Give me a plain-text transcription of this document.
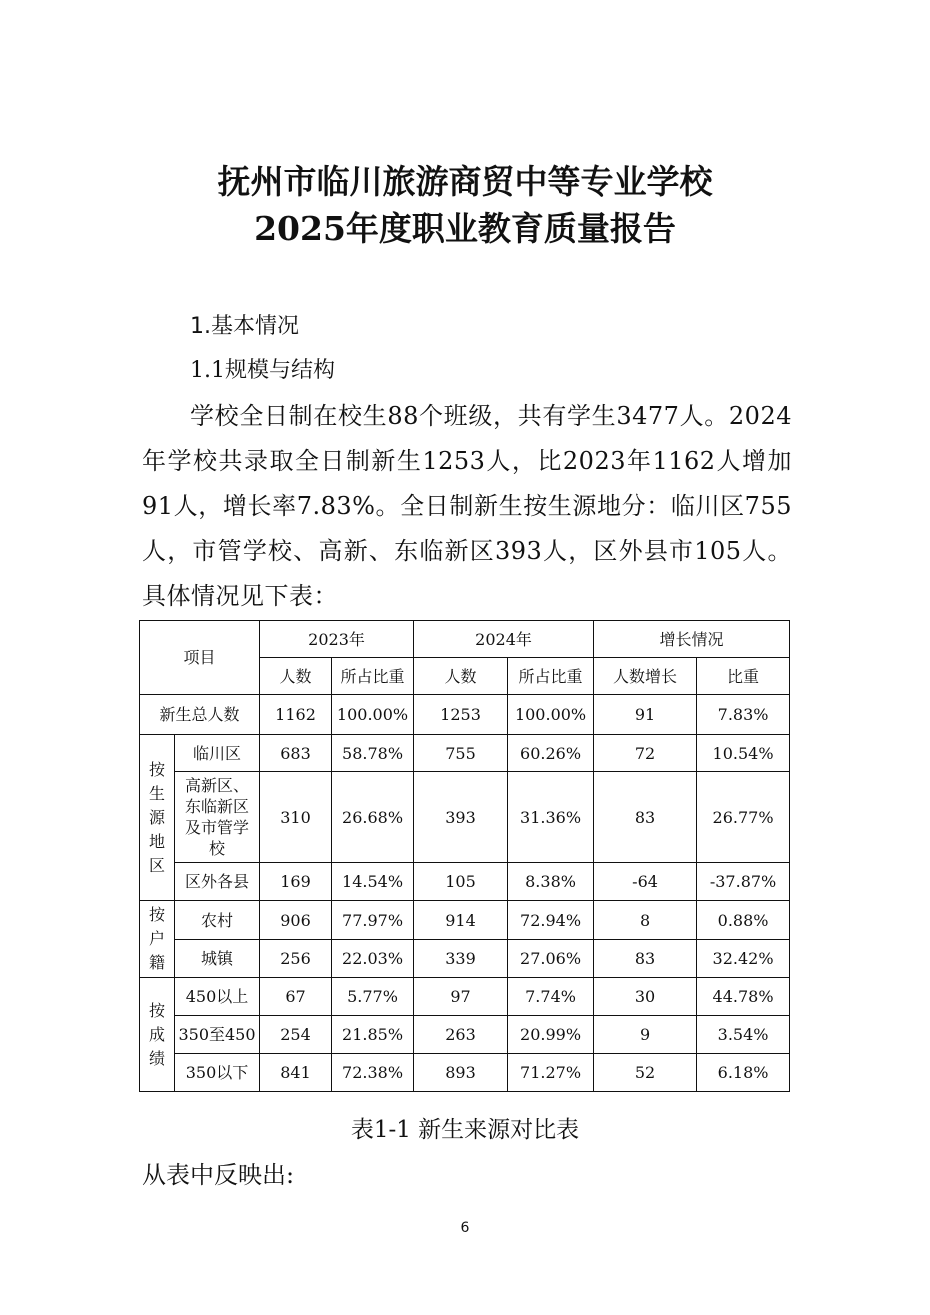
抚州市临川旅游商贸中等专业学校
2025年度职业教育质量报告
1.基本情况
1.1规模与结构
学校全日制在校生88个班级，共有学生3477人。2024年学校共录取全日制新生1253人，比2023年1162人增加91人，增长率7.83%。全日制新生按生源地分：临川区755人，市管学校、高新、东临新区393人，区外县市105人。具体情况见下表：
项目		2023年		2024年		增长情况	
		人数	所占比重	人数	所占比重	人数增长	比重
新生总人数		1162	100.00%	1253	100.00%	91	7.83%

按
生
源
地
区	临川区	683	58.78%	755	60.26%	72	10.54%

	高新区、
东临新区
及市管学
校	310	26.68%	393	31.36%	83	26.77%
	区外各县	169	14.54%	105	8.38%	-64	-37.87%

按
户
籍	农村	906	77.97%	914	72.94%	8	0.88%
	城镇	256	22.03%	339	27.06%	83	32.42%

按
成
绩	450以上	67	5.77%	97	7.74%	30	44.78%
	350至450	254	21.85%	263	20.99%	9	3.54%
	350以下	841	72.38%	893	71.27%	52	6.18%
表1-1 新生来源对比表
从表中反映出:
6
